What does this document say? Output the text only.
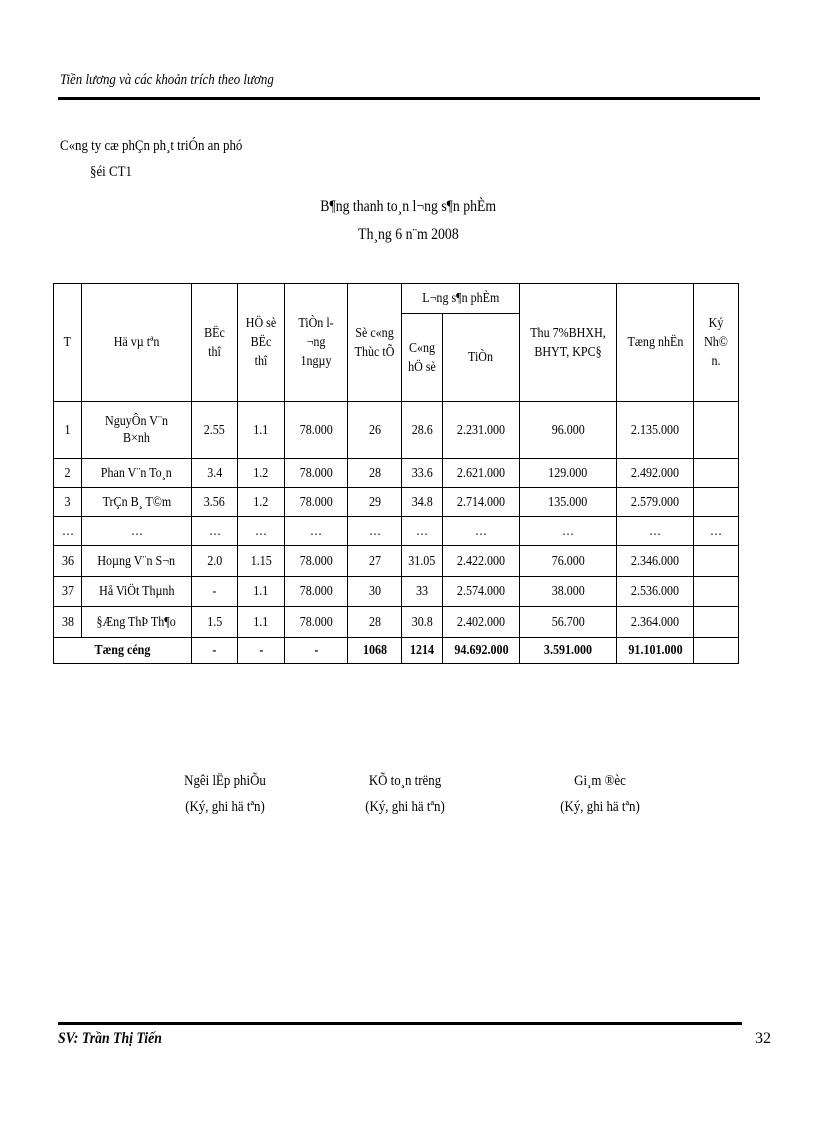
Tiền lương và các khoản trích theo lương
C«ng ty cæ phÇn ph¸t triÓn an phó
§éi CT1
B¶ng thanh to¸n l¬ng s¶n phÈm
Th¸ng 6 n¨m 2008
T	Hä vµ tªn	BËc thî	HÖ sè BËc thî	TiÒn l¬ng 1ngµy	Sè c«ng Thùc tÕ	L¬ng s¶n phÈm		Thu 7%BHXH, BHYT, KPC§	Tæng nhËn	Ký Nh© n.
						C«ng hÖ sè	TiÒn			
1	NguyÔn V¨n B×nh	2.55	1.1	78.000	26	28.6	2.231.000	96.000	2.135.000	
2	Phan V¨n To¸n	3.4	1.2	78.000	28	33.6	2.621.000	129.000	2.492.000	
3	TrÇn B¸ T©m	3.56	1.2	78.000	29	34.8	2.714.000	135.000	2.579.000	
…	…	…	…	…	…	…	…	…	…	…
36	Hoµng V¨n S¬n	2.0	1.15	78.000	27	31.05	2.422.000	76.000	2.346.000	
37	Hå ViÖt Thµnh	-	1.1	78.000	30	33	2.574.000	38.000	2.536.000	
38	§Æng ThÞ Th¶o	1.5	1.1	78.000	28	30.8	2.402.000	56.700	2.364.000	
Tæng céng		-	-	-	1068	1214	94.692.000	3.591.000	91.101.000	
Ngêi lËp phiÕu
(Ký, ghi hä tªn)
KÕ to¸n trëng
(Ký, ghi hä tªn)
Gi¸m ®èc
(Ký, ghi hä tªn)
SV: Trần Thị Tiến	32
